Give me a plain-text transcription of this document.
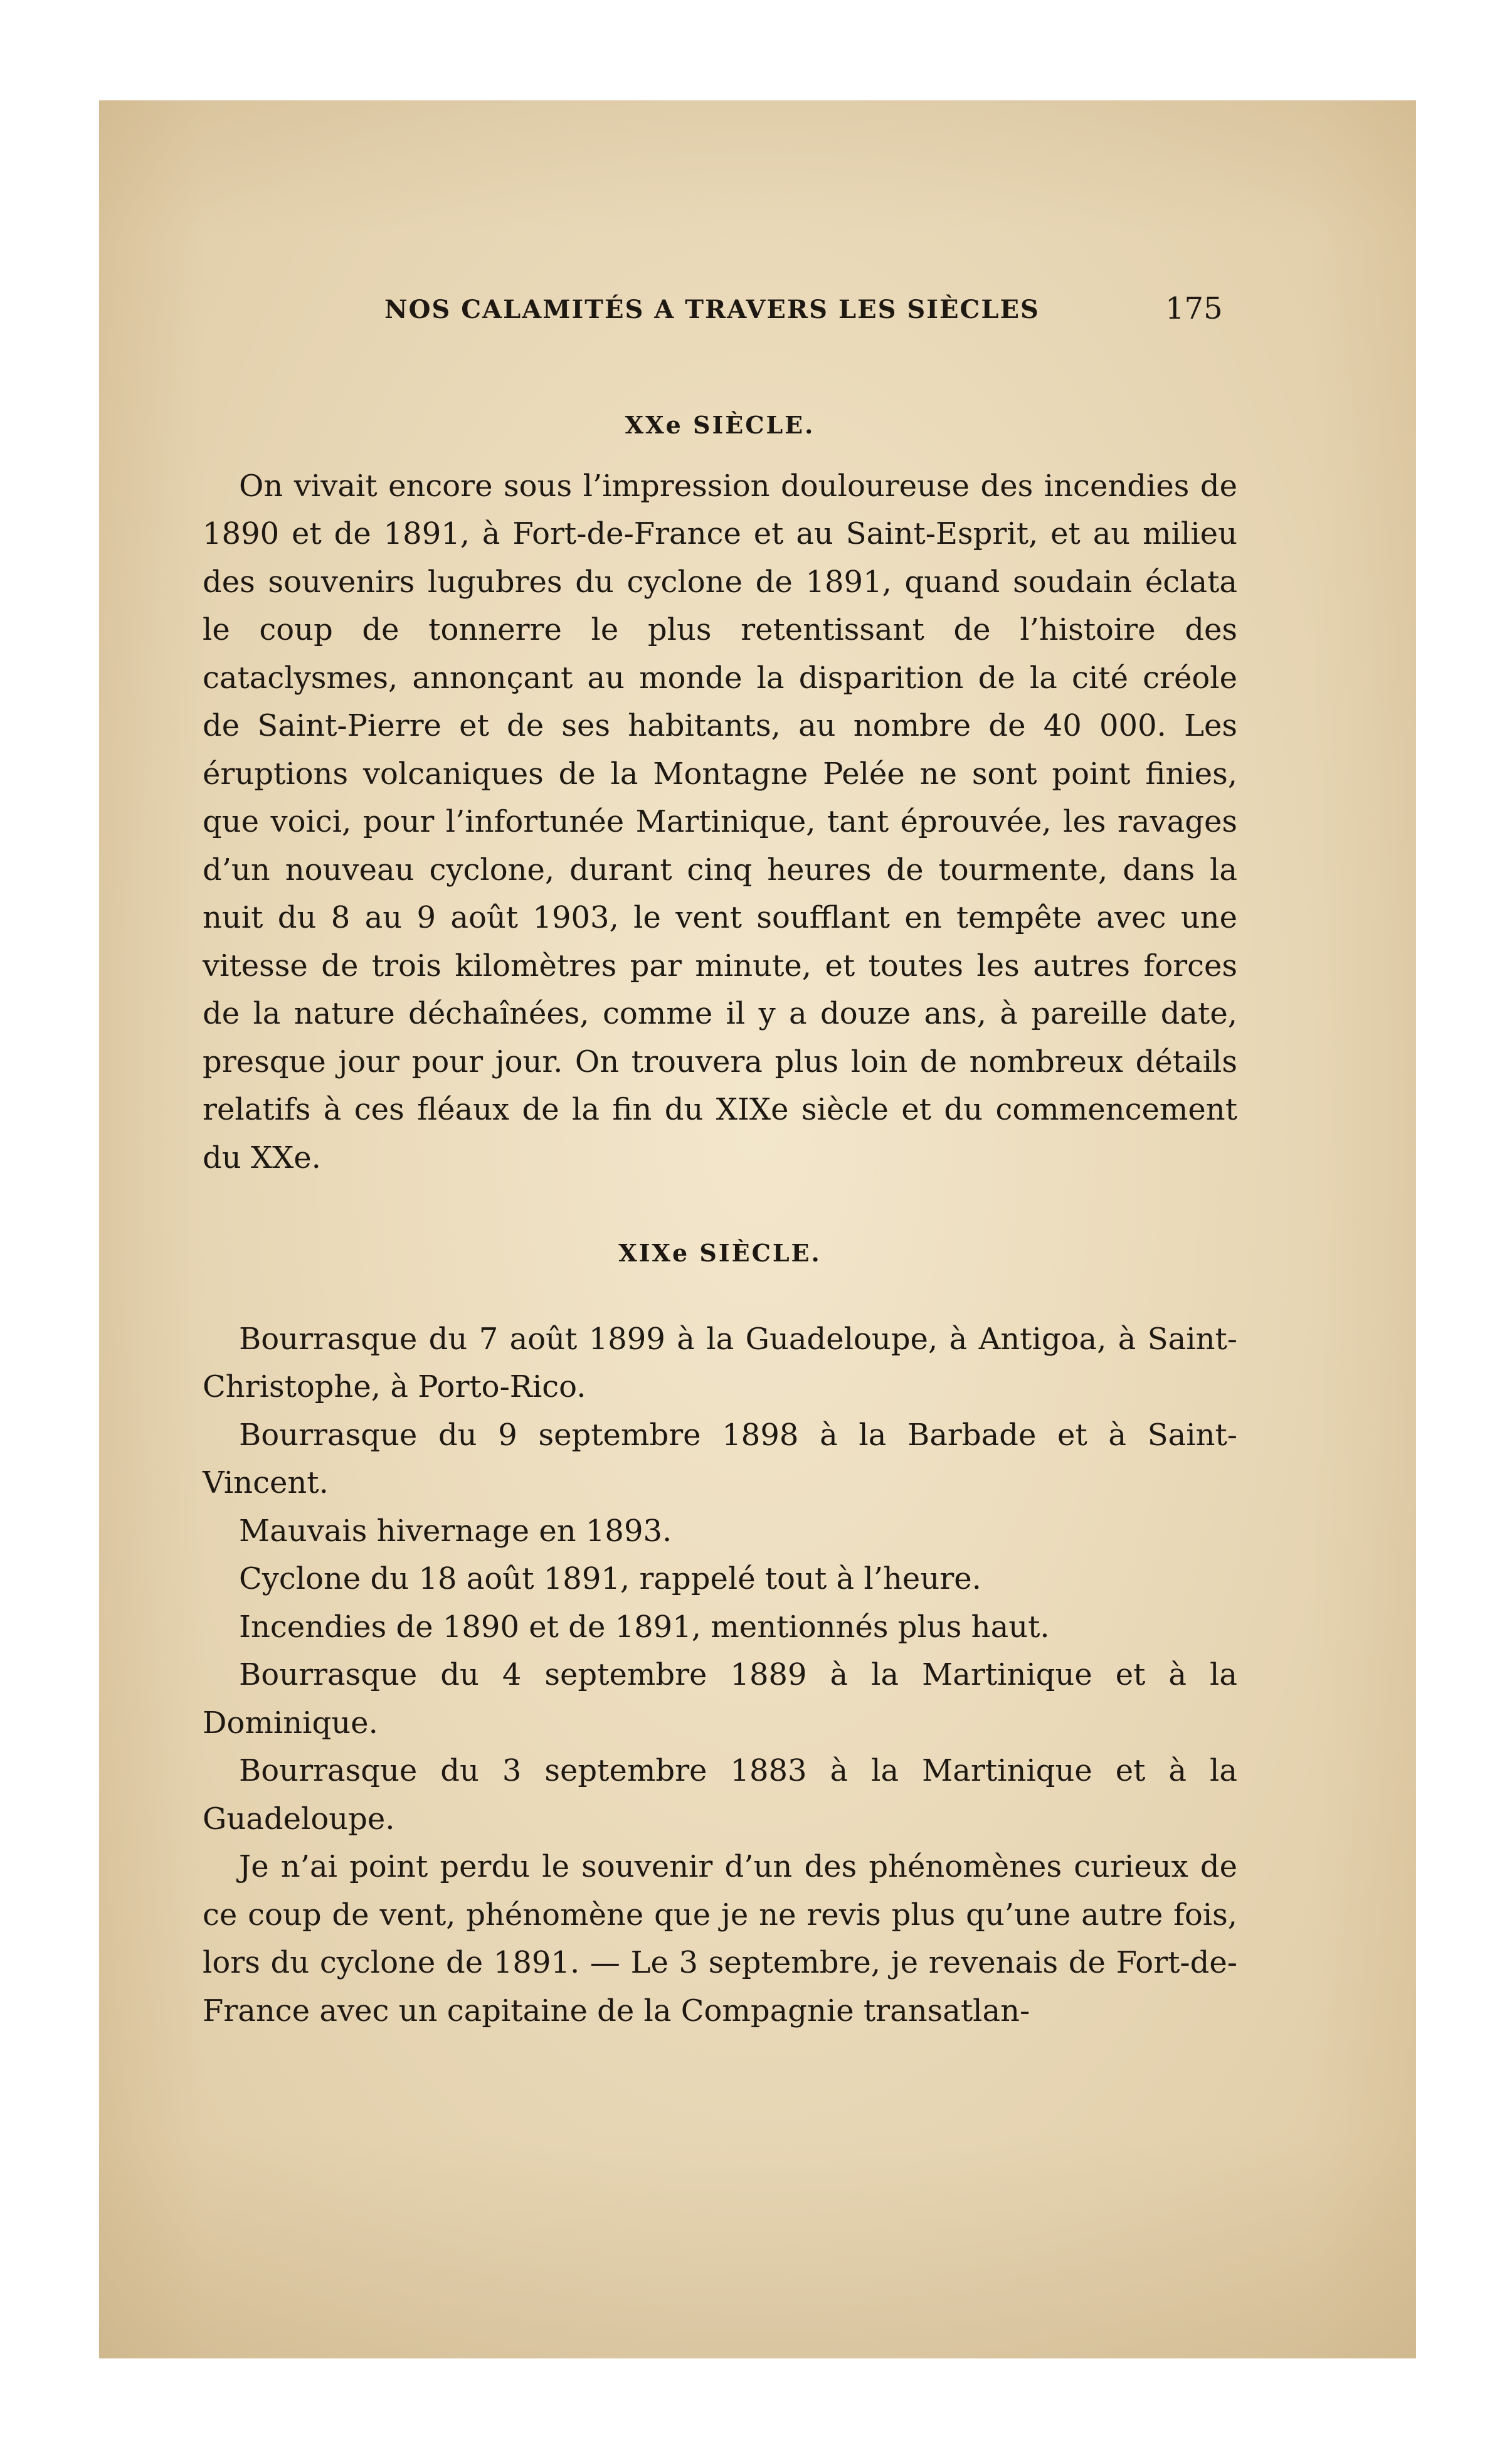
NOS CALAMITÉS A TRAVERS LES SIÈCLES	175
XXe SIÈCLE.

On vivait encore sous l’impression douloureuse des incendies de 1890 et de 1891, à Fort-de-France et au Saint-Esprit, et au milieu des souvenirs lugubres du cyclone de 1891, quand soudain éclata le coup de tonnerre le plus retentissant de l’histoire des cataclysmes, annonçant au monde la disparition de la cité créole de Saint-Pierre et de ses habitants, au nombre de 40 000. Les éruptions volcaniques de la Montagne Pelée ne sont point finies, que voici, pour l’infortunée Martinique, tant éprouvée, les ravages d’un nouveau cyclone, durant cinq heures de tourmente, dans la nuit du 8 au 9 août 1903, le vent soufflant en tempête avec une vitesse de trois kilomètres par minute, et toutes les autres forces de la nature déchaînées, comme il y a douze ans, à pareille date, presque jour pour jour. On trouvera plus loin de nombreux détails relatifs à ces fléaux de la fin du XIXe siècle et du commencement du XXe.

XIXe SIÈCLE.

Bourrasque du 7 août 1899 à la Guadeloupe, à Antigoa, à Saint-Christophe, à Porto-Rico.

Bourrasque du 9 septembre 1898 à la Barbade et à Saint-Vincent.

Mauvais hivernage en 1893.

Cyclone du 18 août 1891, rappelé tout à l’heure.

Incendies de 1890 et de 1891, mentionnés plus haut.

Bourrasque du 4 septembre 1889 à la Martinique et à la Dominique.

Bourrasque du 3 septembre 1883 à la Martinique et à la Guadeloupe.

Je n’ai point perdu le souvenir d’un des phénomènes curieux de ce coup de vent, phénomène que je ne revis plus qu’une autre fois, lors du cyclone de 1891. — Le 3 septembre, je revenais de Fort-de-France avec un capitaine de la Compagnie transatlan-
